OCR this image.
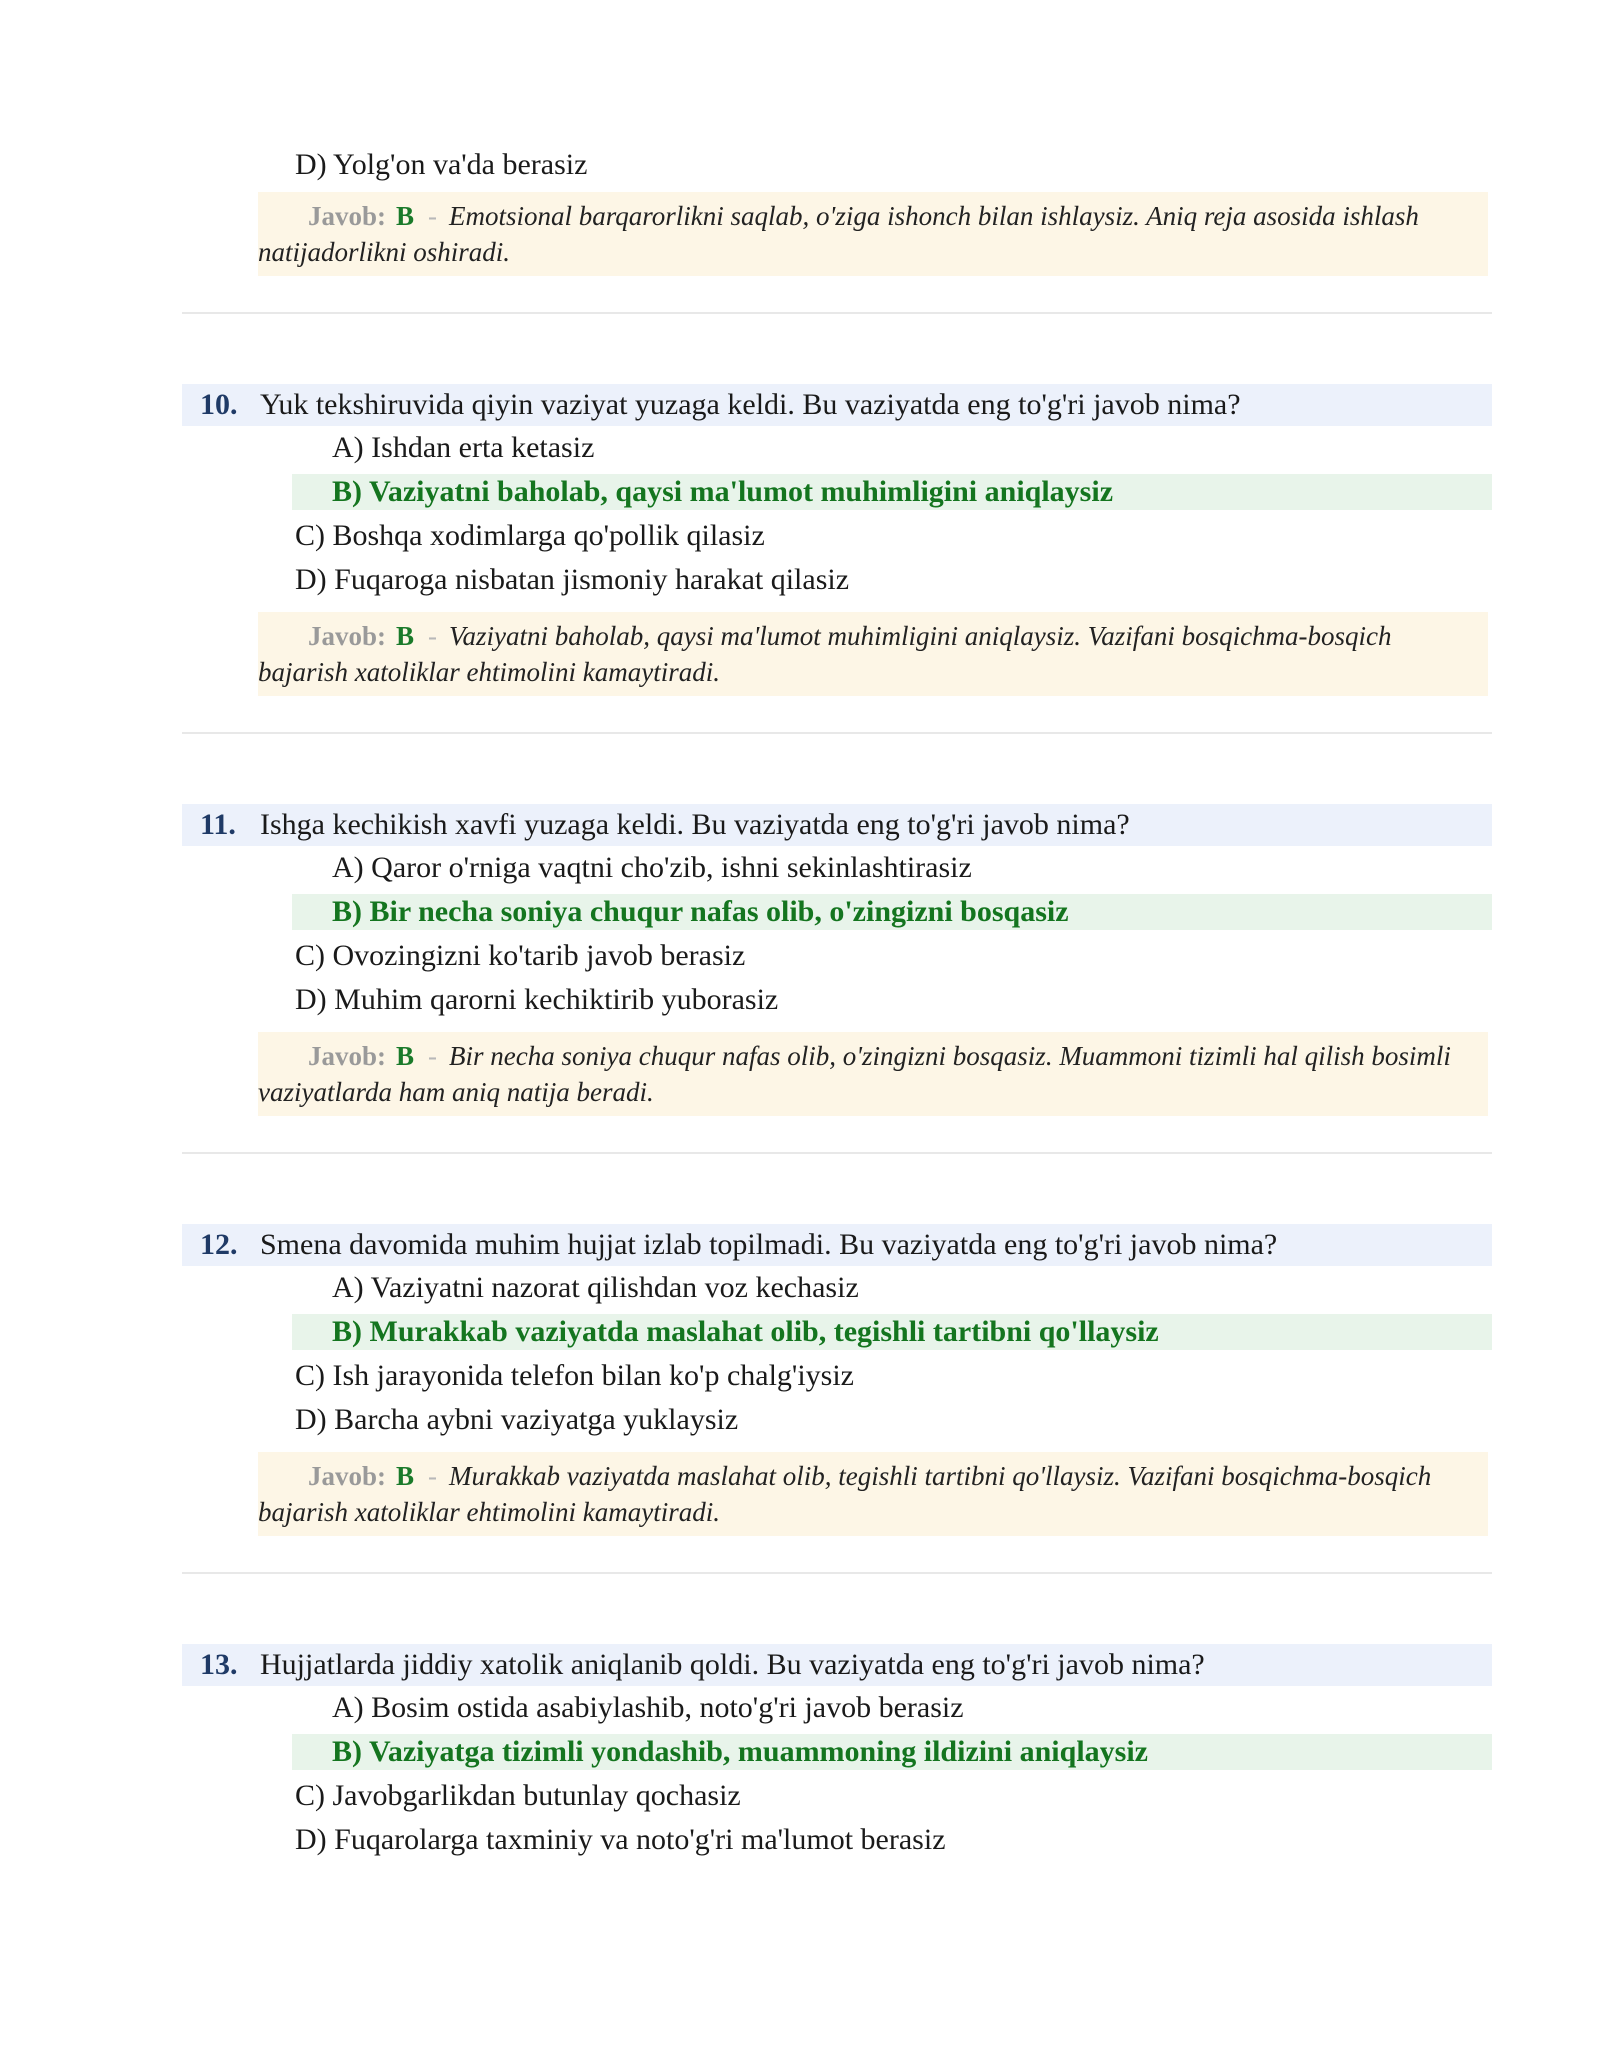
D) Yolg'on va'da berasiz
Javob: B - Emotsional barqarorlikni saqlab, o'ziga ishonch bilan ishlaysiz. Aniq reja asosida ishlash natijadorlikni oshiradi.
10. Yuk tekshiruvida qiyin vaziyat yuzaga keldi. Bu vaziyatda eng to'g'ri javob nima?
A) Ishdan erta ketasiz
B) Vaziyatni baholab, qaysi ma'lumot muhimligini aniqlaysiz
C) Boshqa xodimlarga qo'pollik qilasiz
D) Fuqaroga nisbatan jismoniy harakat qilasiz
Javob: B - Vaziyatni baholab, qaysi ma'lumot muhimligini aniqlaysiz. Vazifani bosqichma-bosqich bajarish xatoliklar ehtimolini kamaytiradi.
11. Ishga kechikish xavfi yuzaga keldi. Bu vaziyatda eng to'g'ri javob nima?
A) Qaror o'rniga vaqtni cho'zib, ishni sekinlashtirasiz
B) Bir necha soniya chuqur nafas olib, o'zingizni bosqasiz
C) Ovozingizni ko'tarib javob berasiz
D) Muhim qarorni kechiktirib yuborasiz
Javob: B - Bir necha soniya chuqur nafas olib, o'zingizni bosqasiz. Muammoni tizimli hal qilish bosimli vaziyatlarda ham aniq natija beradi.
12. Smena davomida muhim hujjat izlab topilmadi. Bu vaziyatda eng to'g'ri javob nima?
A) Vaziyatni nazorat qilishdan voz kechasiz
B) Murakkab vaziyatda maslahat olib, tegishli tartibni qo'llaysiz
C) Ish jarayonida telefon bilan ko'p chalg'iysiz
D) Barcha aybni vaziyatga yuklaysiz
Javob: B - Murakkab vaziyatda maslahat olib, tegishli tartibni qo'llaysiz. Vazifani bosqichma-bosqich bajarish xatoliklar ehtimolini kamaytiradi.
13. Hujjatlarda jiddiy xatolik aniqlanib qoldi. Bu vaziyatda eng to'g'ri javob nima?
A) Bosim ostida asabiylashib, noto'g'ri javob berasiz
B) Vaziyatga tizimli yondashib, muammoning ildizini aniqlaysiz
C) Javobgarlikdan butunlay qochasiz
D) Fuqarolarga taxminiy va noto'g'ri ma'lumot berasiz
